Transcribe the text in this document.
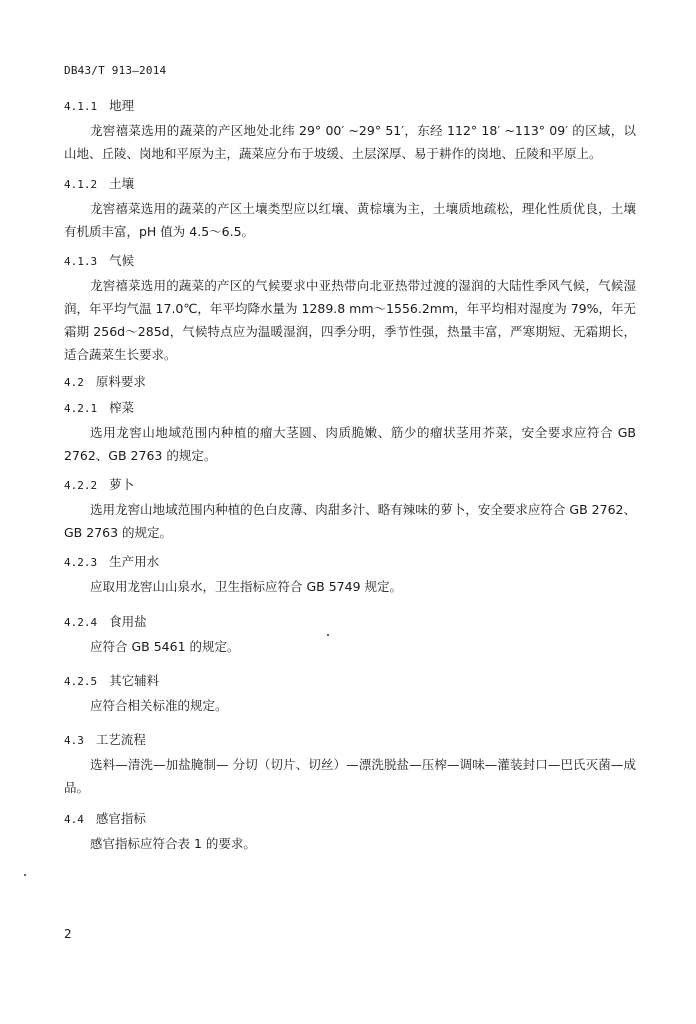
DB43/T 913—2014
4.1.1 地理

龙窖禧菜选用的蔬菜的产区地处北纬 29° 00′ ~29° 51′，东经 112° 18′ ~113° 09′ 的区域，以山地、丘陵、岗地和平原为主，蔬菜应分布于坡缓、土层深厚、易于耕作的岗地、丘陵和平原上。

4.1.2 土壤

龙窖禧菜选用的蔬菜的产区土壤类型应以红壤、黄棕壤为主，土壤质地疏松，理化性质优良，土壤有机质丰富，pH 值为 4.5～6.5。

4.1.3 气候

龙窖禧菜选用的蔬菜的产区的气候要求中亚热带向北亚热带过渡的湿润的大陆性季风气候，气候湿润，年平均气温 17.0℃，年平均降水量为 1289.8 mm～1556.2mm，年平均相对湿度为 79%，年无霜期 256d～285d，气候特点应为温暖湿润，四季分明，季节性强，热量丰富，严寒期短、无霜期长，适合蔬菜生长要求。

4.2 原料要求
4.2.1 榨菜

选用龙窖山地域范围内种植的瘤大茎圆、肉质脆嫩、筋少的瘤状茎用芥菜，安全要求应符合 GB 2762、GB 2763 的规定。

4.2.2 萝卜

选用龙窖山地域范围内种植的色白皮薄、肉甜多汁、略有辣味的萝卜，安全要求应符合 GB 2762、GB 2763 的规定。

4.2.3 生产用水

应取用龙窖山山泉水，卫生指标应符合 GB 5749 规定。

4.2.4 食用盐

应符合 GB 5461 的规定。

4.2.5 其它辅料

应符合相关标准的规定。

4.3 工艺流程

选料—清洗—加盐腌制— 分切（切片、切丝）—漂洗脱盐—压榨—调味—灌装封口—巴氏灭菌—成品。

4.4 感官指标

感官指标应符合表 1 的要求。

2
